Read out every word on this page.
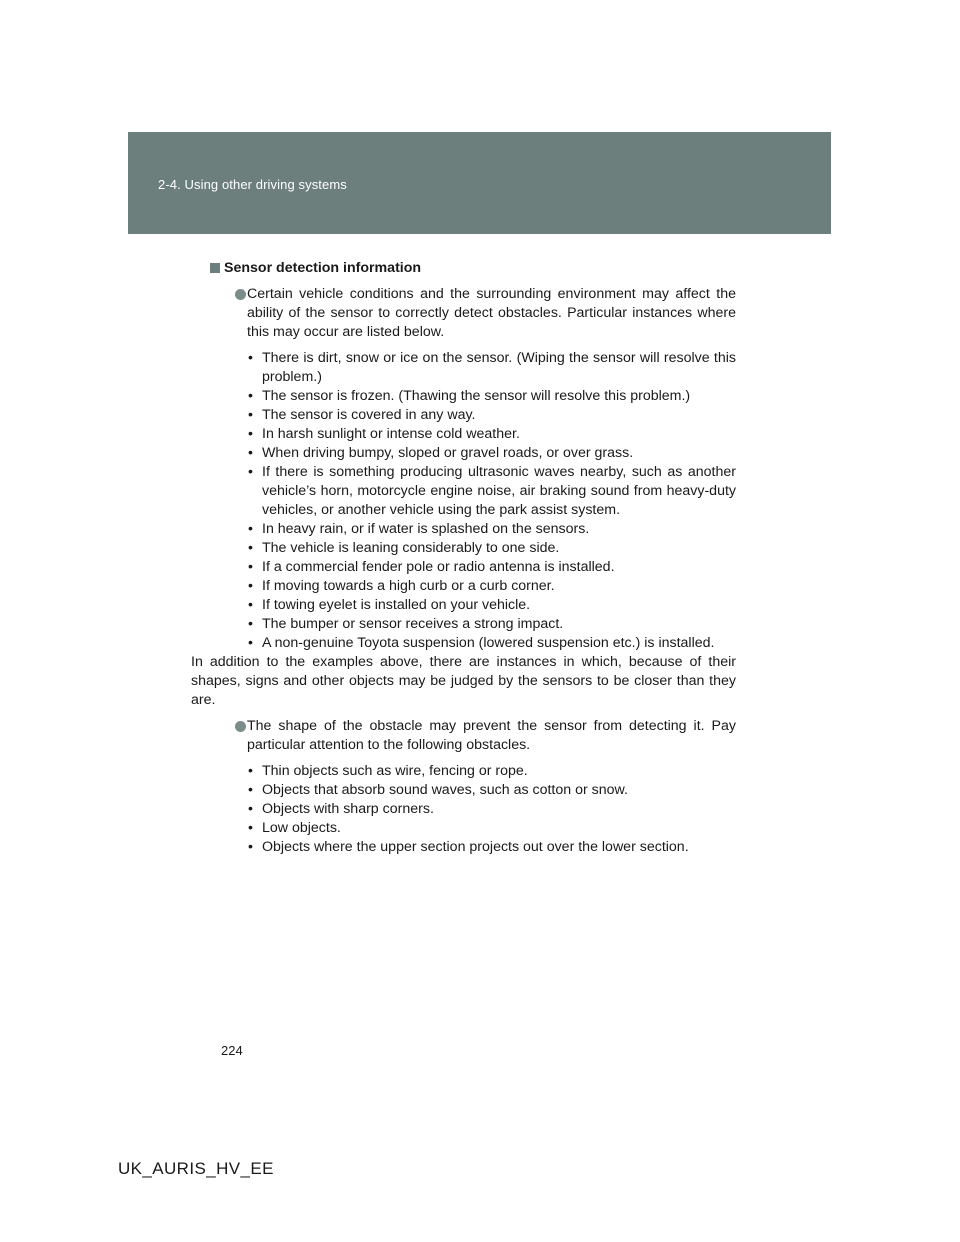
2-4. Using other driving systems
Sensor detection information
Certain vehicle conditions and the surrounding environment may affect the ability of the sensor to correctly detect obstacles. Particular instances where this may occur are listed below.
• There is dirt, snow or ice on the sensor. (Wiping the sensor will resolve this problem.)
• The sensor is frozen. (Thawing the sensor will resolve this problem.)
• The sensor is covered in any way.
• In harsh sunlight or intense cold weather.
• When driving bumpy, sloped or gravel roads, or over grass.
• If there is something producing ultrasonic waves nearby, such as another vehicle’s horn, motorcycle engine noise, air braking sound from heavy-duty vehicles, or another vehicle using the park assist system.
• In heavy rain, or if water is splashed on the sensors.
• The vehicle is leaning considerably to one side.
• If a commercial fender pole or radio antenna is installed.
• If moving towards a high curb or a curb corner.
• If towing eyelet is installed on your vehicle.
• The bumper or sensor receives a strong impact.
• A non-genuine Toyota suspension (lowered suspension etc.) is installed.

In addition to the examples above, there are instances in which, because of their shapes, signs and other objects may be judged by the sensors to be closer than they are.

The shape of the obstacle may prevent the sensor from detecting it. Pay particular attention to the following obstacles.
• Thin objects such as wire, fencing or rope.
• Objects that absorb sound waves, such as cotton or snow.
• Objects with sharp corners.
• Low objects.
• Objects where the upper section projects out over the lower section.
224
UK_AURIS_HV_EE
